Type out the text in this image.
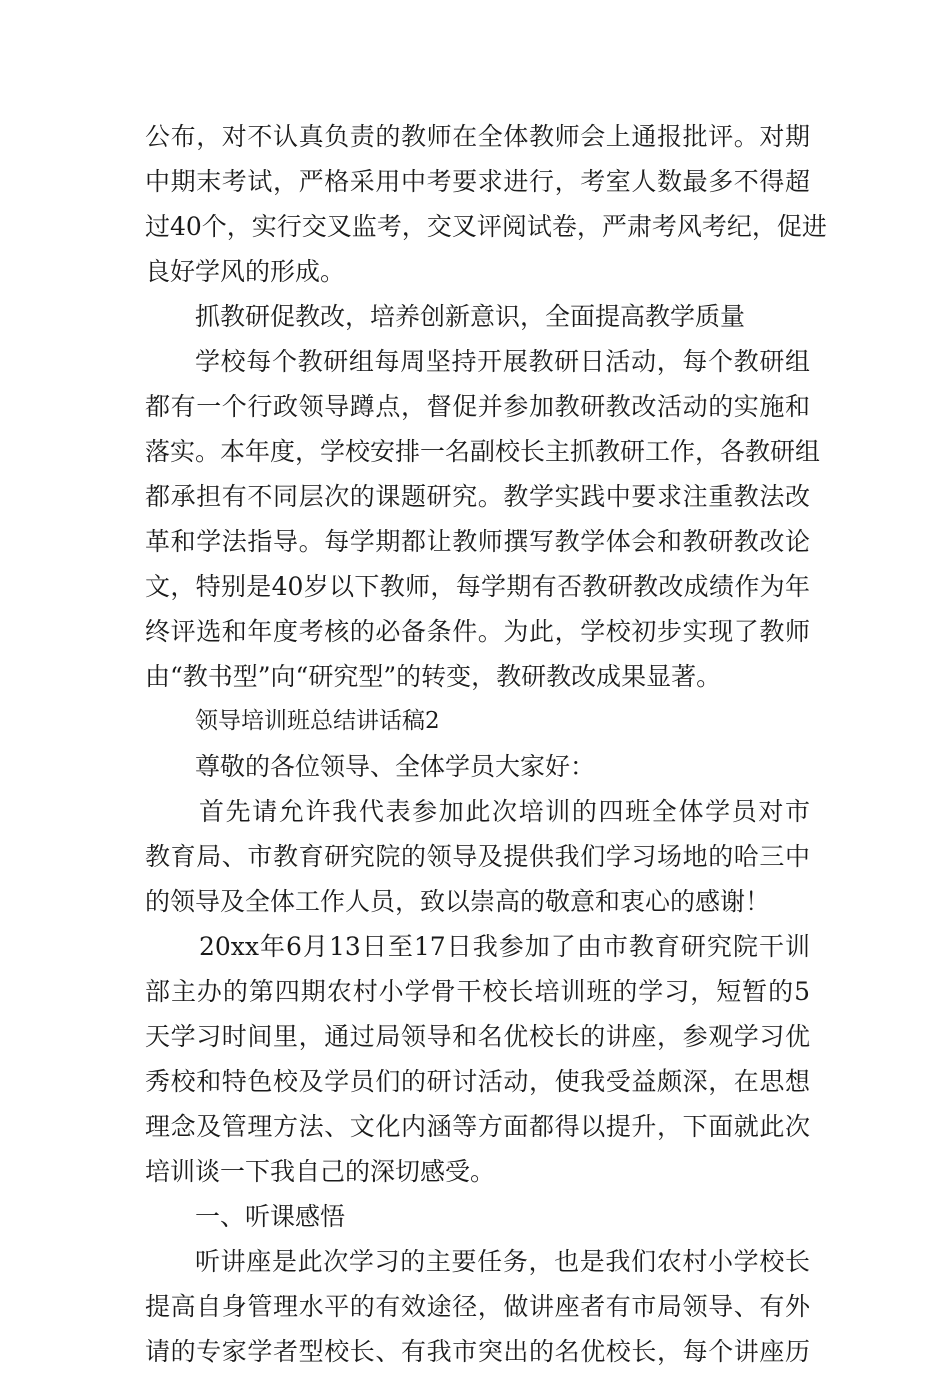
公布，对不认真负责的教师在全体教师会上通报批评。对期
中期末考试，严格采用中考要求进行，考室人数最多不得超
过40个，实行交叉监考，交叉评阅试卷，严肃考风考纪，促进
良好学风的形成。
抓教研促教改，培养创新意识，全面提高教学质量
学校每个教研组每周坚持开展教研日活动，每个教研组
都有一个行政领导蹲点，督促并参加教研教改活动的实施和
落实。本年度，学校安排一名副校长主抓教研工作，各教研组
都承担有不同层次的课题研究。教学实践中要求注重教法改
革和学法指导。每学期都让教师撰写教学体会和教研教改论
文，特别是40岁以下教师，每学期有否教研教改成绩作为年
终评选和年度考核的必备条件。为此，学校初步实现了教师
由“教书型”向“研究型”的转变，教研教改成果显著。
领导培训班总结讲话稿2
尊敬的各位领导、全体学员大家好：
首先请允许我代表参加此次培训的四班全体学员对市
教育局、市教育研究院的领导及提供我们学习场地的哈三中
的领导及全体工作人员，致以崇高的敬意和衷心的感谢！
20xx年6月13日至17日我参加了由市教育研究院干训
部主办的第四期农村小学骨干校长培训班的学习，短暂的5
天学习时间里，通过局领导和名优校长的讲座，参观学习优
秀校和特色校及学员们的研讨活动，使我受益颇深，在思想
理念及管理方法、文化内涵等方面都得以提升，下面就此次
培训谈一下我自己的深切感受。
一、听课感悟
听讲座是此次学习的主要任务，也是我们农村小学校长
提高自身管理水平的有效途径，做讲座者有市局领导、有外
请的专家学者型校长、有我市突出的名优校长，每个讲座历
